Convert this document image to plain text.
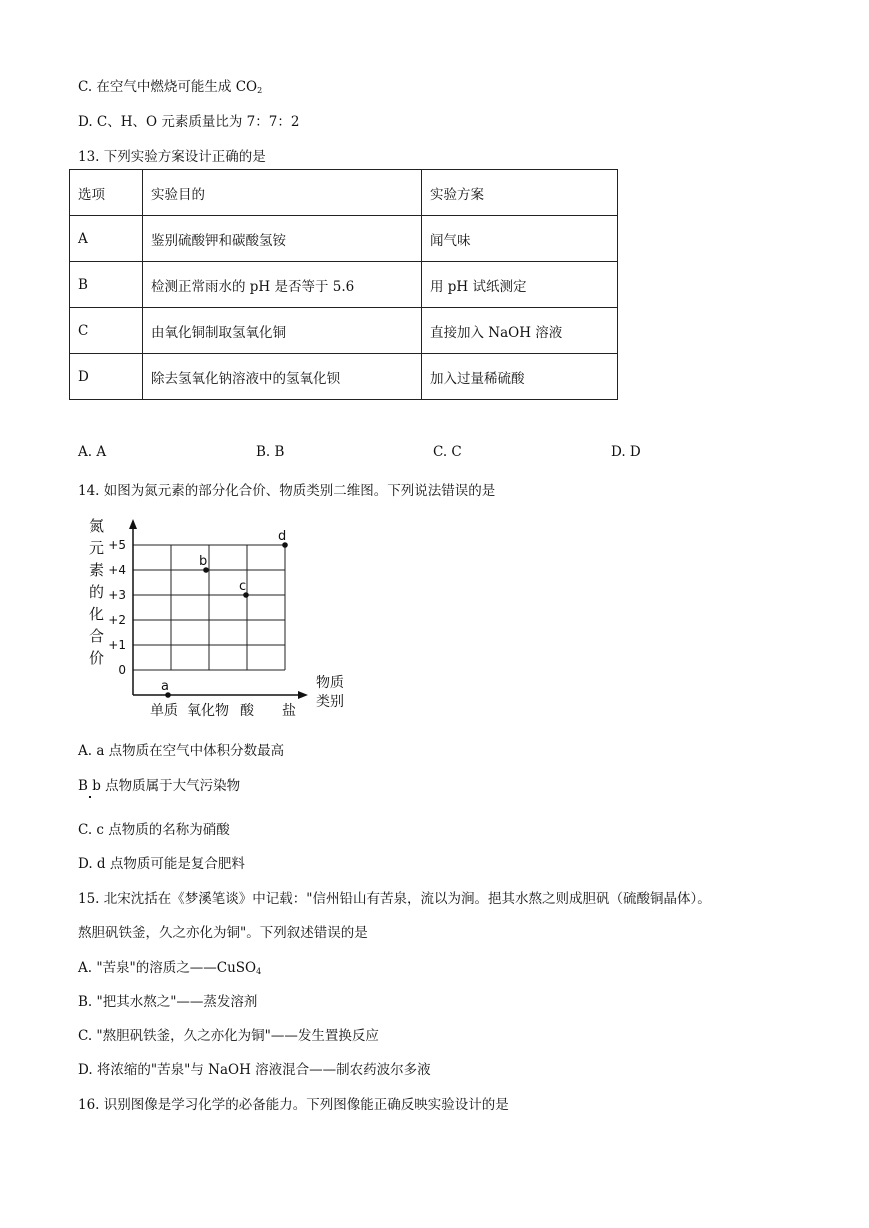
C. 在空气中燃烧可能生成 $CO_2$
D. C、H、O 元素质量比为 7：7：2
13. 下列实验方案设计正确的是
选项	实验目的	实验方案
A	鉴别硫酸钾和碳酸氢铵	闻气味
B	检测正常雨水的 pH 是否等于 5.6	用 pH 试纸测定
C	由氧化铜制取氢氧化铜	直接加入 NaOH 溶液
D	除去氢氧化钠溶液中的氢氧化钡	加入过量稀硫酸
A. A	B. B	C. C	D. D
14. 如图为氮元素的部分化合价、物质类别二维图。下列说法错误的是
0
+1
+2
+3
+4
+5
氮
元
素
的
化
合
价
单质 氧化物 酸 盐
物质
类别
a
b
c
d
A. a 点物质在空气中体积分数最高
B b 点物质属于大气污染物
C. c 点物质的名称为硝酸
D. d 点物质可能是复合肥料
15. 北宋沈括在《梦溪笔谈》中记载："信州铅山有苦泉，流以为涧。挹其水熬之则成胆矾（硫酸铜晶体）。
熬胆矾铁釜，久之亦化为铜"。下列叙述错误的是
A. "苦泉"的溶质之——CuSO$_4$
B. "把其水熬之"——蒸发溶剂
C. "熬胆矾铁釜，久之亦化为铜"——发生置换反应
D. 将浓缩的"苦泉"与 NaOH 溶液混合——制农药波尔多液
16. 识别图像是学习化学的必备能力。下列图像能正确反映实验设计的是
